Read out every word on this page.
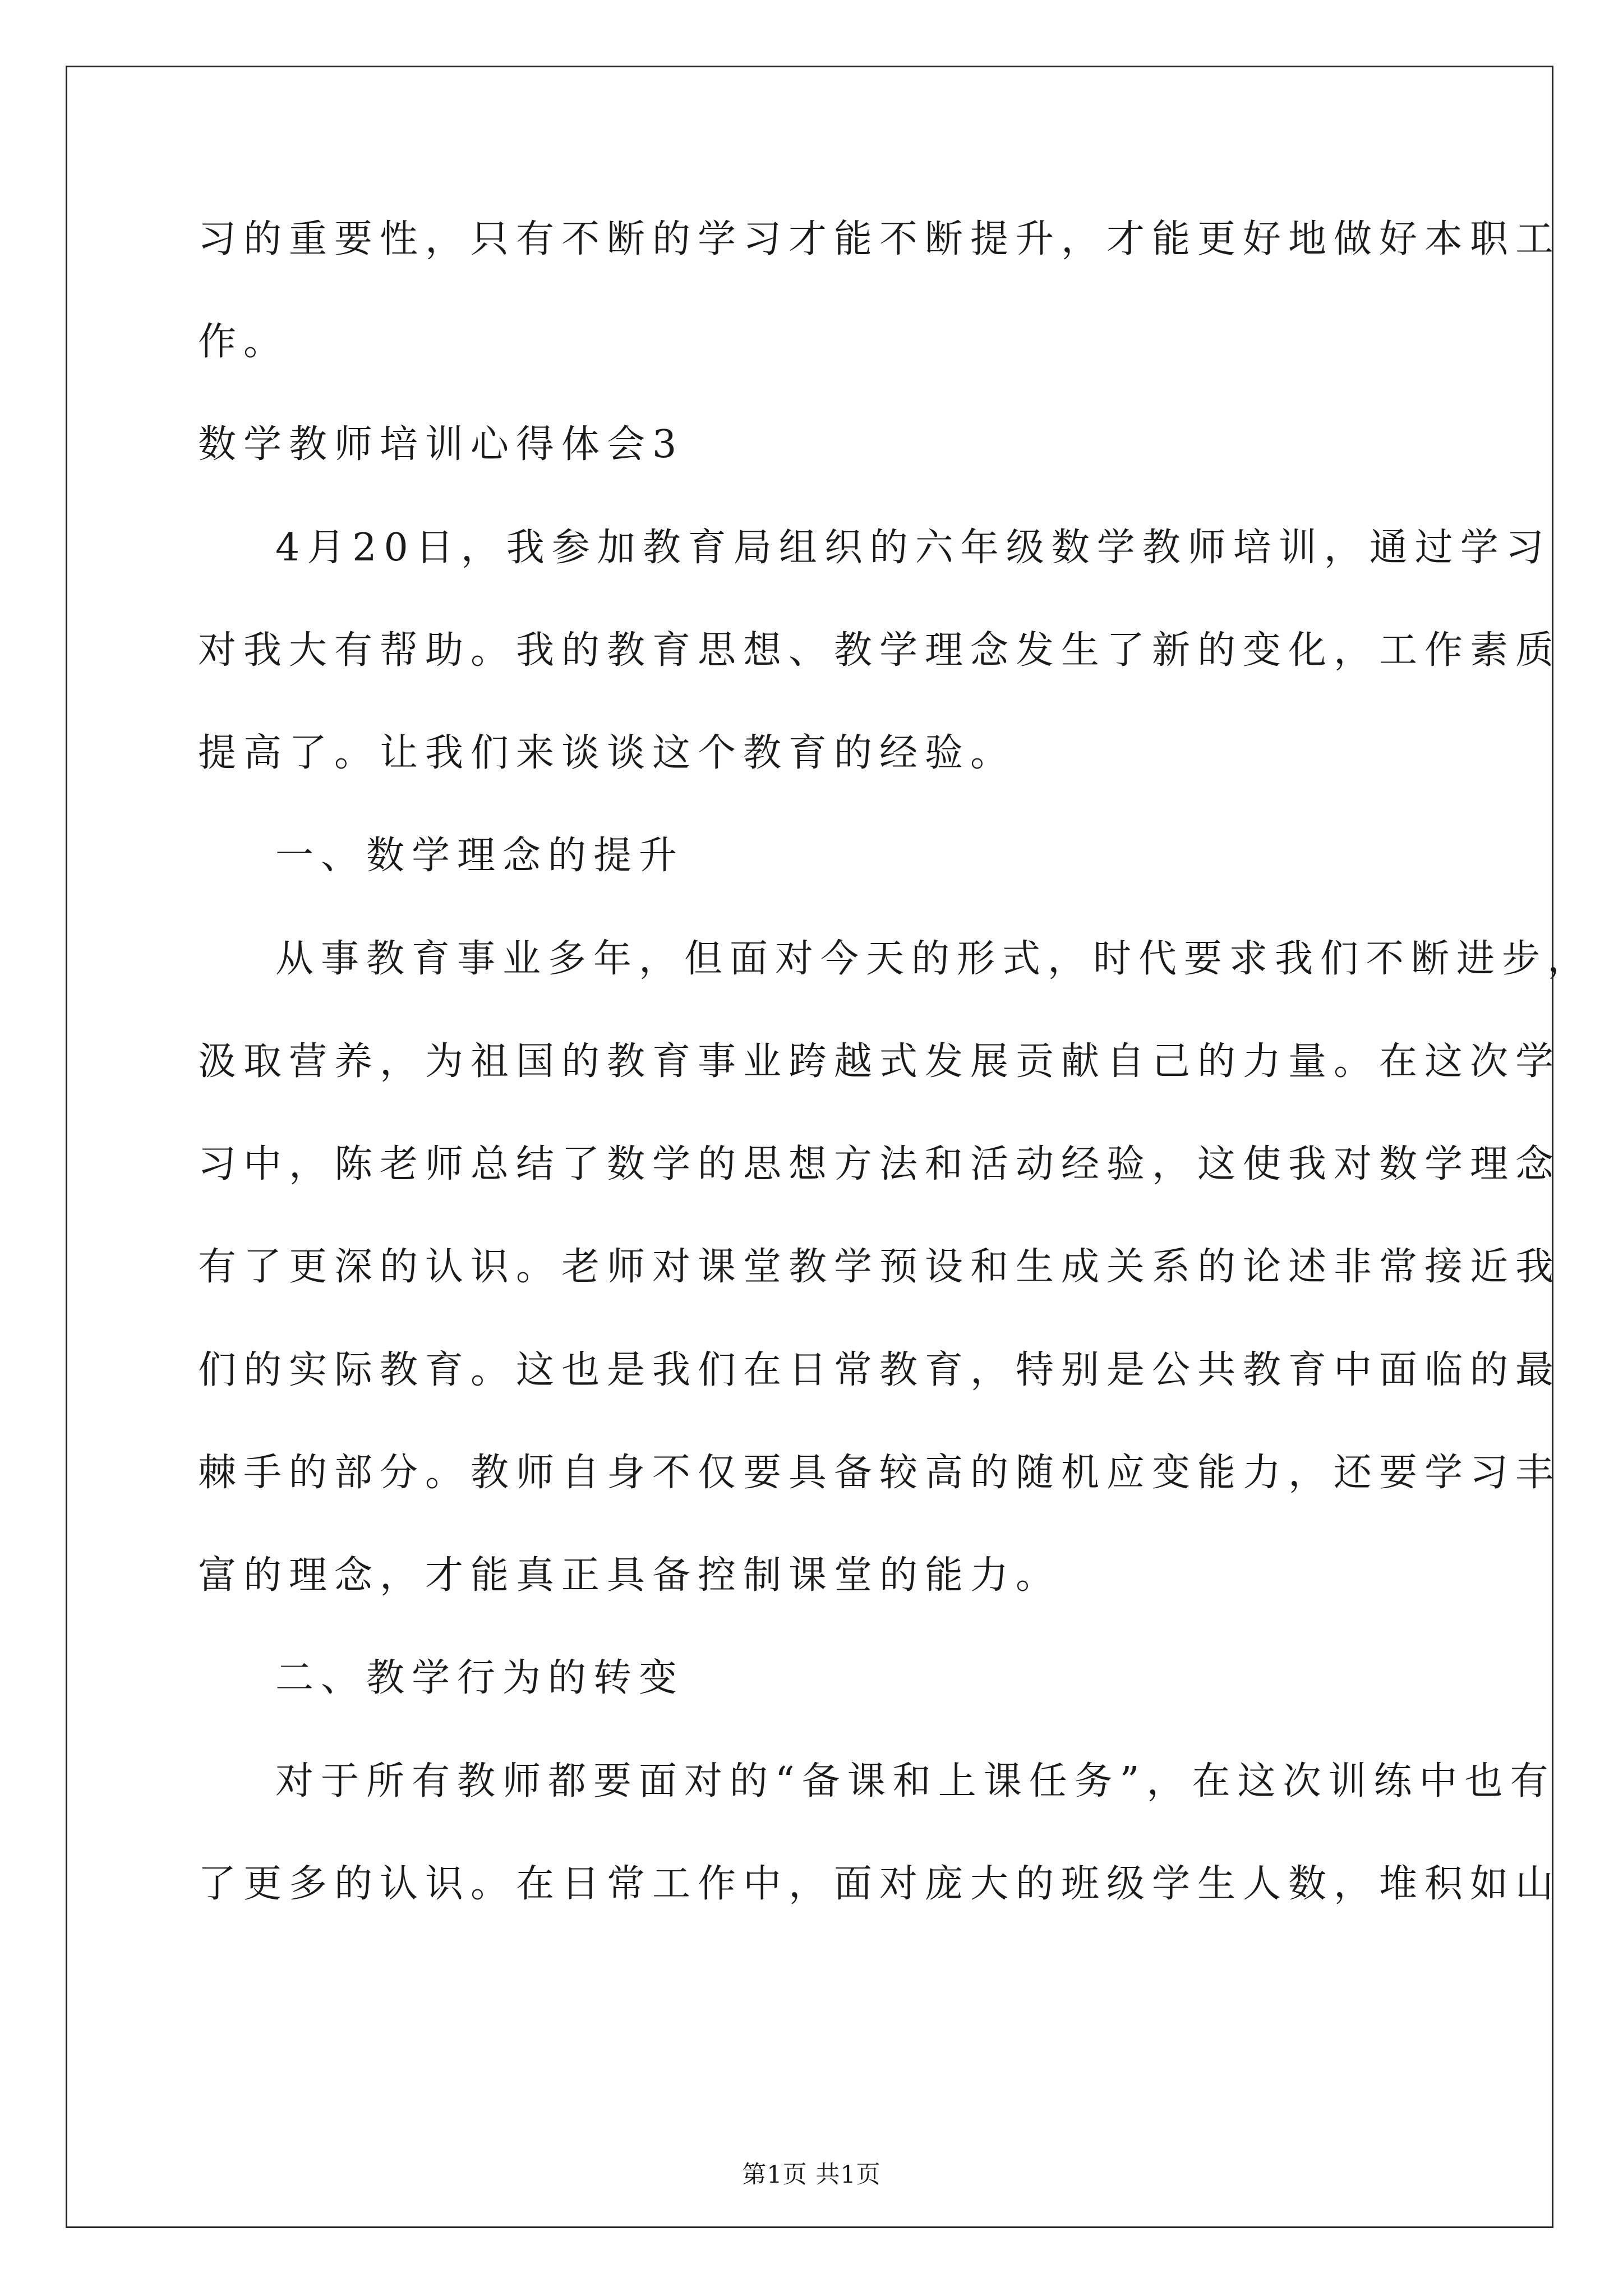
习的重要性，只有不断的学习才能不断提升，才能更好地做好本职工
作。
数学教师培训心得体会3
4月20日，我参加教育局组织的六年级数学教师培训，通过学习
对我大有帮助。我的教育思想、教学理念发生了新的变化，工作素质
提高了。让我们来谈谈这个教育的经验。
一、数学理念的提升
从事教育事业多年，但面对今天的形式，时代要求我们不断进步，
汲取营养，为祖国的教育事业跨越式发展贡献自己的力量。在这次学
习中，陈老师总结了数学的思想方法和活动经验，这使我对数学理念
有了更深的认识。老师对课堂教学预设和生成关系的论述非常接近我
们的实际教育。这也是我们在日常教育，特别是公共教育中面临的最
棘手的部分。教师自身不仅要具备较高的随机应变能力，还要学习丰
富的理念，才能真正具备控制课堂的能力。
二、教学行为的转变
对于所有教师都要面对的“备课和上课任务”，在这次训练中也有
了更多的认识。在日常工作中，面对庞大的班级学生人数，堆积如山
第1页 共1页
